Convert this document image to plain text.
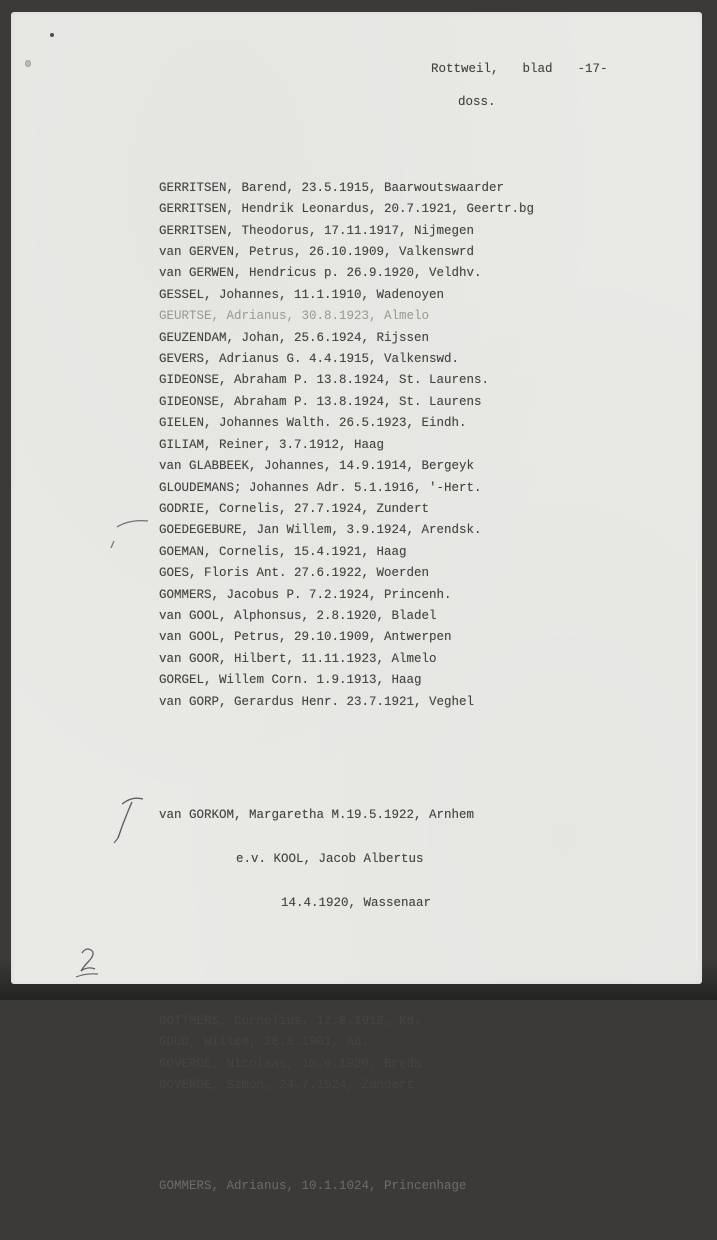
Rottweil, blad -17-
doss.

GERRITSEN, Barend, 23.5.1915, Baarwoutswaarder
GERRITSEN, Hendrik Leonardus, 20.7.1921, Geertr.bg
GERRITSEN, Theodorus, 17.11.1917, Nijmegen
van GERVEN, Petrus, 26.10.1909, Valkenswrd
van GERWEN, Hendricus p. 26.9.1920, Veldhv.
GESSEL, Johannes, 11.1.1910, Wadenoyen
GEURTSE, Adrianus, 30.8.1923, Almelo
GEUZENDAM, Johan, 25.6.1924, Rijssen
GEVERS, Adrianus G. 4.4.1915, Valkenswd.
GIDEONSE, Abraham P. 13.8.1924, St. Laurens.
GIDEONSE, Abraham P. 13.8.1924, St. Laurens
GIELEN, Johannes Walth. 26.5.1923, Eindh.
GILIAM, Reiner, 3.7.1912, Haag
van GLABBEEK, Johannes, 14.9.1914, Bergeyk
GLOUDEMANS; Johannes Adr. 5.1.1916, '-Hert.
GODRIE, Cornelis, 27.7.1924, Zundert
GOEDEGEBURE, Jan Willem, 3.9.1924, Arendsk.
GOEMAN, Cornelis, 15.4.1921, Haag
GOES, Floris Ant. 27.6.1922, Woerden
GOMMERS, Jacobus P. 7.2.1924, Princenh.
van GOOL, Alphonsus, 2.8.1920, Bladel
van GOOL, Petrus, 29.10.1909, Antwerpen
van GOOR, Hilbert, 11.11.1923, Almelo
GORGEL, Willem Corn. 1.9.1913, Haag
van GORP, Gerardus Henr. 23.7.1921, Veghel

van GORKOM, Margaretha M.19.5.1922, Arnhem

e.v. KOOL, Jacob Albertus

14.4.1920, Wassenaar

GOTTMERS, Cornelius, 12.8.1912, Rd.
GOUD, Willem, 28.8.1901, Ad.
GOVERDE, Nicolaas, 10.6.1920, Breda
GOVERDE, Simon, 24.7.1924, Zundert

GOMMERS, Adrianus, 10.1.1024, Princenhage
